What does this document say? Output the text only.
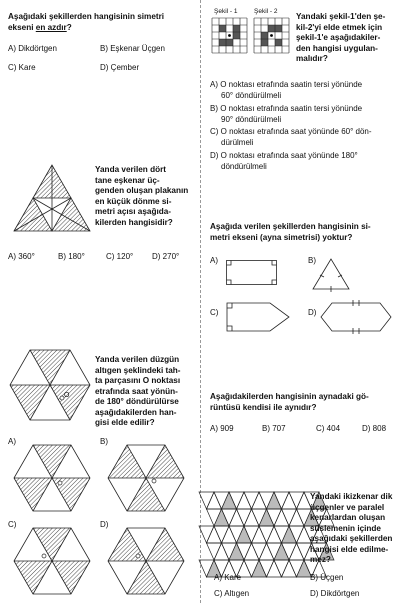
Aşağıdaki şekillerden hangisinin simetri
ekseni en azdır?
A) Dikdörtgen	B) Eşkenar Üçgen
C) Kare	D) Çember
Yanda verilen dört
tane eşkenar üç-
genden oluşan plakanın
en küçük dönme si-
metri açısı aşağıda-
kilerden hangisidir?
A) 360°	B) 180°	C) 120° D) 270°
O
Yanda verilen düzgün
altıgen şeklindeki tah-
ta parçasını O noktası
etrafında saat yönün-
de 180° döndürülürse
aşağıdakilerden han-
gisi elde edilir?
A)	B)
C)	D)
Şekil - 1	Şekil - 2
Yandaki şekil-1'den şe-
kil-2'yi elde etmek için
şekil-1'e aşağıdakiler-
den hangisi uygulan-
malıdır?
A) O noktası etrafında saatin tersi yönünde
60° döndürülmeli
B) O noktası etrafında saatin tersi yönünde
90° döndürülmeli
C) O noktası etrafında saat yönünde 60° dön-
dürülmeli
D) O noktası etrafında saat yönünde 180°
döndürülmeli
Aşağıda verilen şekillerden hangisinin si-
metri ekseni (ayna simetrisi) yoktur?
A)	B)
C)	D)
Aşağıdakilerden hangisinin aynadaki gö-
rüntüsü kendisi ile aynıdır?
A) 909	B) 707	C) 404	D) 808
Yandaki ikizkenar dik
üçgenler ve paralel
kenarlardan oluşan
süslemenin içinde
aşağıdaki şekillerden
hangisi elde edilme-
mez?
A) Kare	B) Üçgen
C) Altıgen	D) Dikdörtgen
